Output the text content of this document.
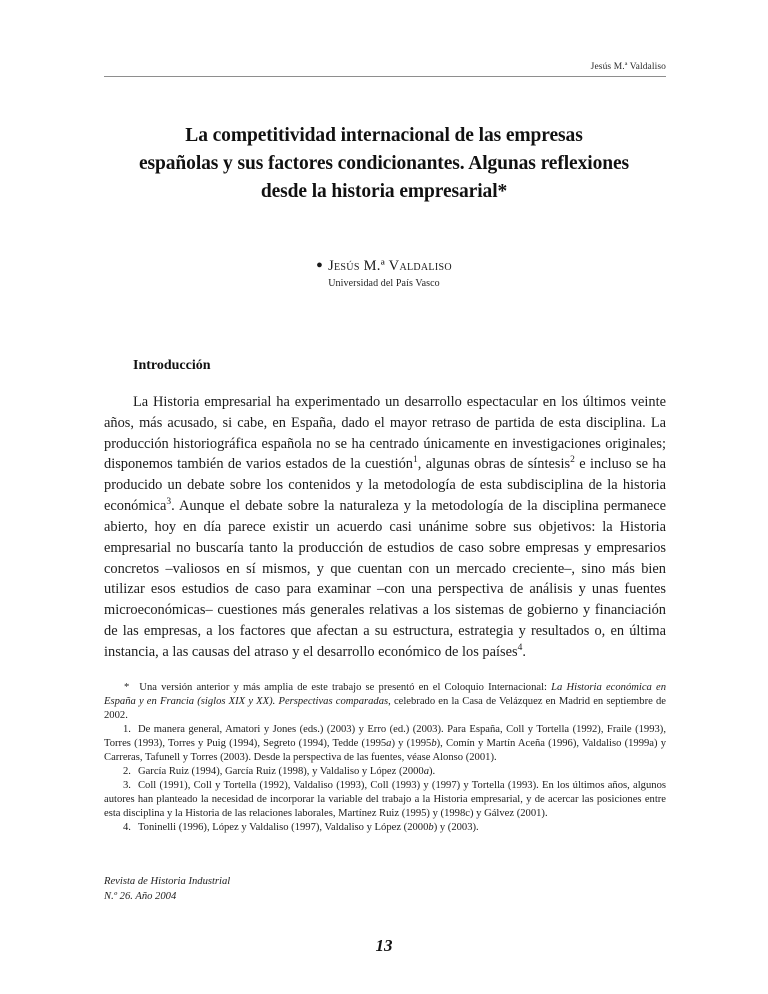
Jesús M.ª Valdaliso
La competitividad internacional de las empresas
españolas y sus factores condicionantes. Algunas reflexiones
desde la historia empresarial*
● Jesús M.ª Valdaliso
Universidad del País Vasco
Introducción

La Historia empresarial ha experimentado un desarrollo espectacular en los últimos veinte años, más acusado, si cabe, en España, dado el mayor retraso de partida de esta disciplina. La producción historiográfica española no se ha centrado únicamente en investigaciones originales; disponemos también de varios estados de la cuestión$^1$, algunas obras de síntesis$^2$ e incluso se ha producido un debate sobre los contenidos y la metodología de esta subdisciplina de la historia económica$^3$. Aunque el debate sobre la naturaleza y la metodología de la disciplina permanece abierto, hoy en día parece existir un acuerdo casi unánime sobre sus objetivos: la Historia empresarial no buscaría tanto la producción de estudios de caso sobre empresas y empresarios concretos –valiosos en sí mismos, y que cuentan con un mercado creciente–, sino más bien utilizar esos estudios de caso para examinar –con una perspectiva de análisis y unas fuentes microeconómicas– cuestiones más generales relativas a los sistemas de gobierno y financiación de las empresas, a los factores que afectan a su estructura, estrategia y resultados o, en última instancia, a las causas del atraso y el desarrollo económico de los países$^4$.

* Una versión anterior y más amplia de este trabajo se presentó en el Coloquio Internacional: La Historia económica en España y en Francia (siglos XIX y XX). Perspectivas comparadas, celebrado en la Casa de Velázquez en Madrid en septiembre de 2002.

1. De manera general, Amatori y Jones (eds.) (2003) y Erro (ed.) (2003). Para España, Coll y Tortella (1992), Fraile (1993), Torres (1993), Torres y Puig (1994), Segreto (1994), Tedde (1995a) y (1995b), Comín y Martín Aceña (1996), Valdaliso (1999a) y Carreras, Tafunell y Torres (2003). Desde la perspectiva de las fuentes, véase Alonso (2001).

2. García Ruiz (1994), García Ruiz (1998), y Valdaliso y López (2000a).

3. Coll (1991), Coll y Tortella (1992), Valdaliso (1993), Coll (1993) y (1997) y Tortella (1993). En los últimos años, algunos autores han planteado la necesidad de incorporar la variable del trabajo a la Historia empresarial, y de acercar las posiciones entre esta disciplina y la Historia de las relaciones laborales, Martínez Ruiz (1995) y (1998c) y Gálvez (2001).

4. Toninelli (1996), López y Valdaliso (1997), Valdaliso y López (2000b) y (2003).

Revista de Historia Industrial
N.º 26. Año 2004
13
